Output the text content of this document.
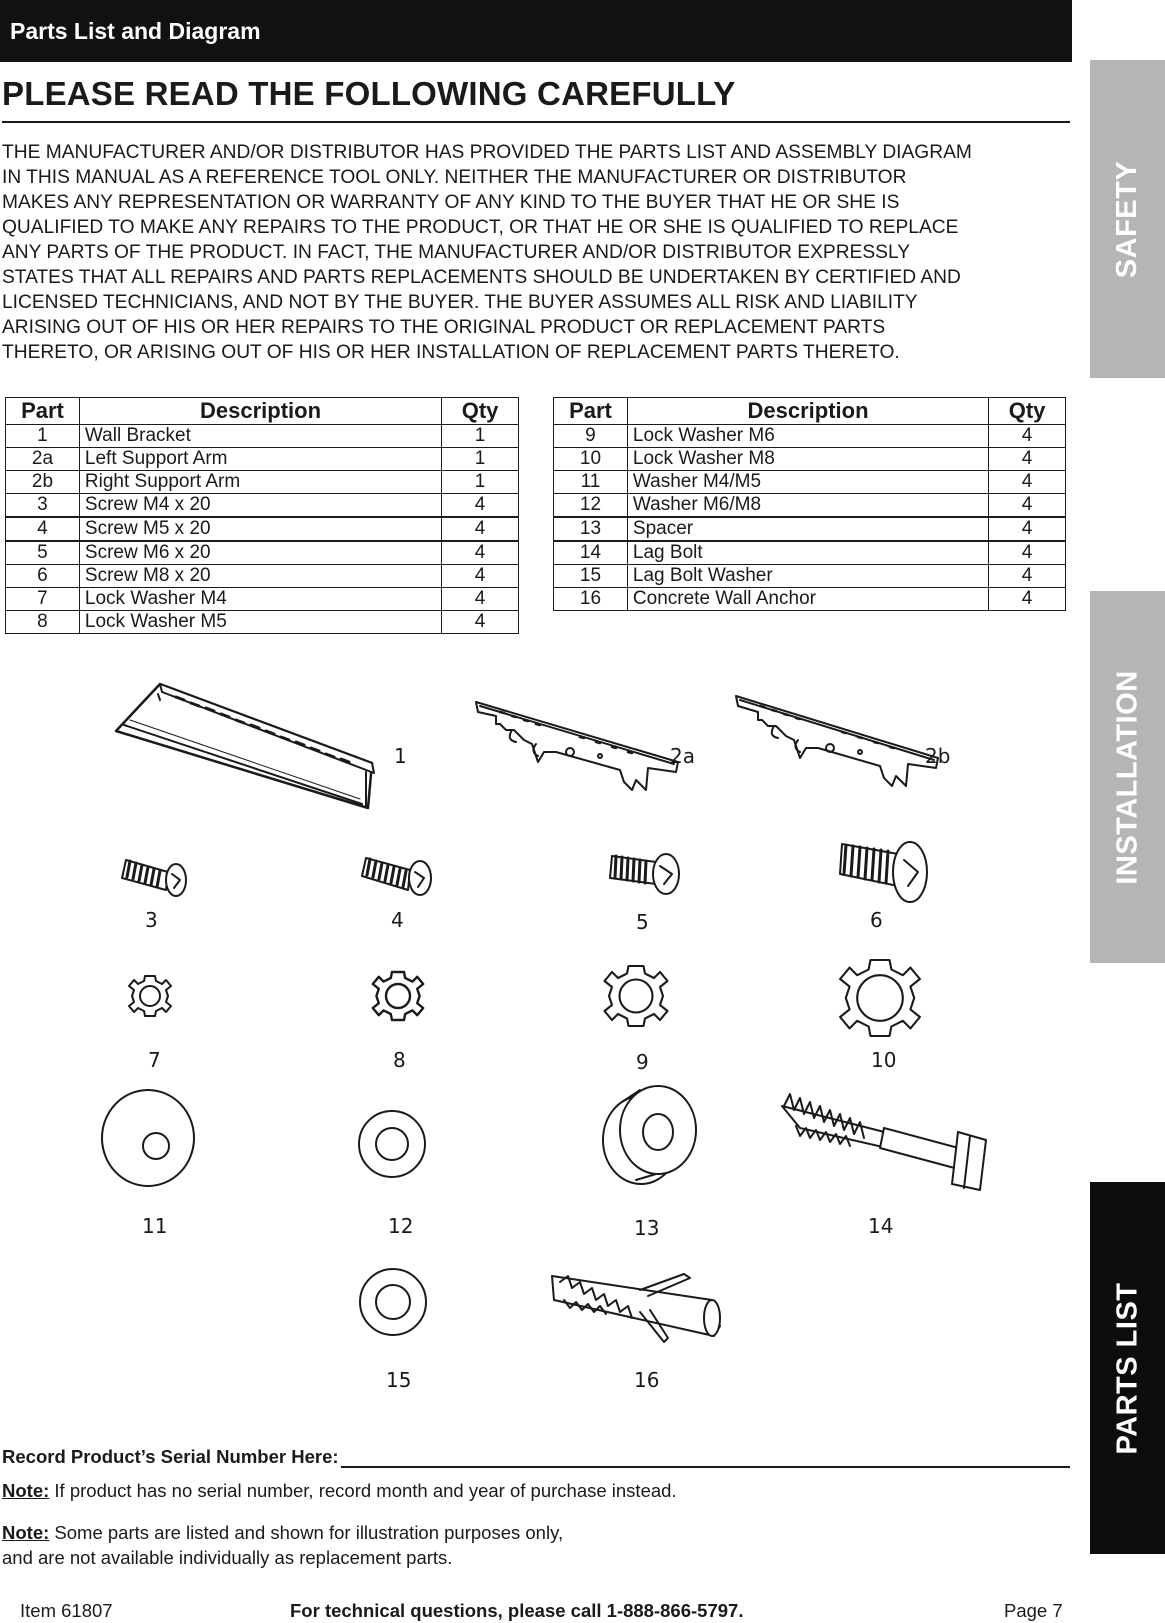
Parts List and Diagram
PLEASE READ THE FOLLOWING CAREFULLY
THE MANUFACTURER AND/OR DISTRIBUTOR HAS PROVIDED THE PARTS LIST AND ASSEMBLY DIAGRAM
IN THIS MANUAL AS A REFERENCE TOOL ONLY. NEITHER THE MANUFACTURER OR DISTRIBUTOR
MAKES ANY REPRESENTATION OR WARRANTY OF ANY KIND TO THE BUYER THAT HE OR SHE IS
QUALIFIED TO MAKE ANY REPAIRS TO THE PRODUCT, OR THAT HE OR SHE IS QUALIFIED TO REPLACE
ANY PARTS OF THE PRODUCT. IN FACT, THE MANUFACTURER AND/OR DISTRIBUTOR EXPRESSLY
STATES THAT ALL REPAIRS AND PARTS REPLACEMENTS SHOULD BE UNDERTAKEN BY CERTIFIED AND
LICENSED TECHNICIANS, AND NOT BY THE BUYER. THE BUYER ASSUMES ALL RISK AND LIABILITY
ARISING OUT OF HIS OR HER REPAIRS TO THE ORIGINAL PRODUCT OR REPLACEMENT PARTS
THERETO, OR ARISING OUT OF HIS OR HER INSTALLATION OF REPLACEMENT PARTS THERETO.
SAFETY
INSTALLATION
PARTS LIST
Part	Description	Qty
1	Wall Bracket	1
2a	Left Support Arm	1
2b	Right Support Arm	1
3	Screw M4 x 20	4
4	Screw M5 x 20	4
5	Screw M6 x 20	4
6	Screw M8 x 20	4
7	Lock Washer M4	4
8	Lock Washer M5	4
Part	Description	Qty
9	Lock Washer M6	4
10	Lock Washer M8	4
11	Washer M4/M5	4
12	Washer M6/M8	4
13	Spacer	4
14	Lag Bolt	4
15	Lag Bolt Washer	4
16	Concrete Wall Anchor	4
1	2a	2b
3	4	5	6
7	8	9	10
11	12	13	14
15	16
Record Product’s Serial Number Here:
Note: If product has no serial number, record month and year of purchase instead.
Note: Some parts are listed and shown for illustration purposes only,
and are not available individually as replacement parts.
Item 61807	For technical questions, please call 1-888-866-5797.	Page 7
